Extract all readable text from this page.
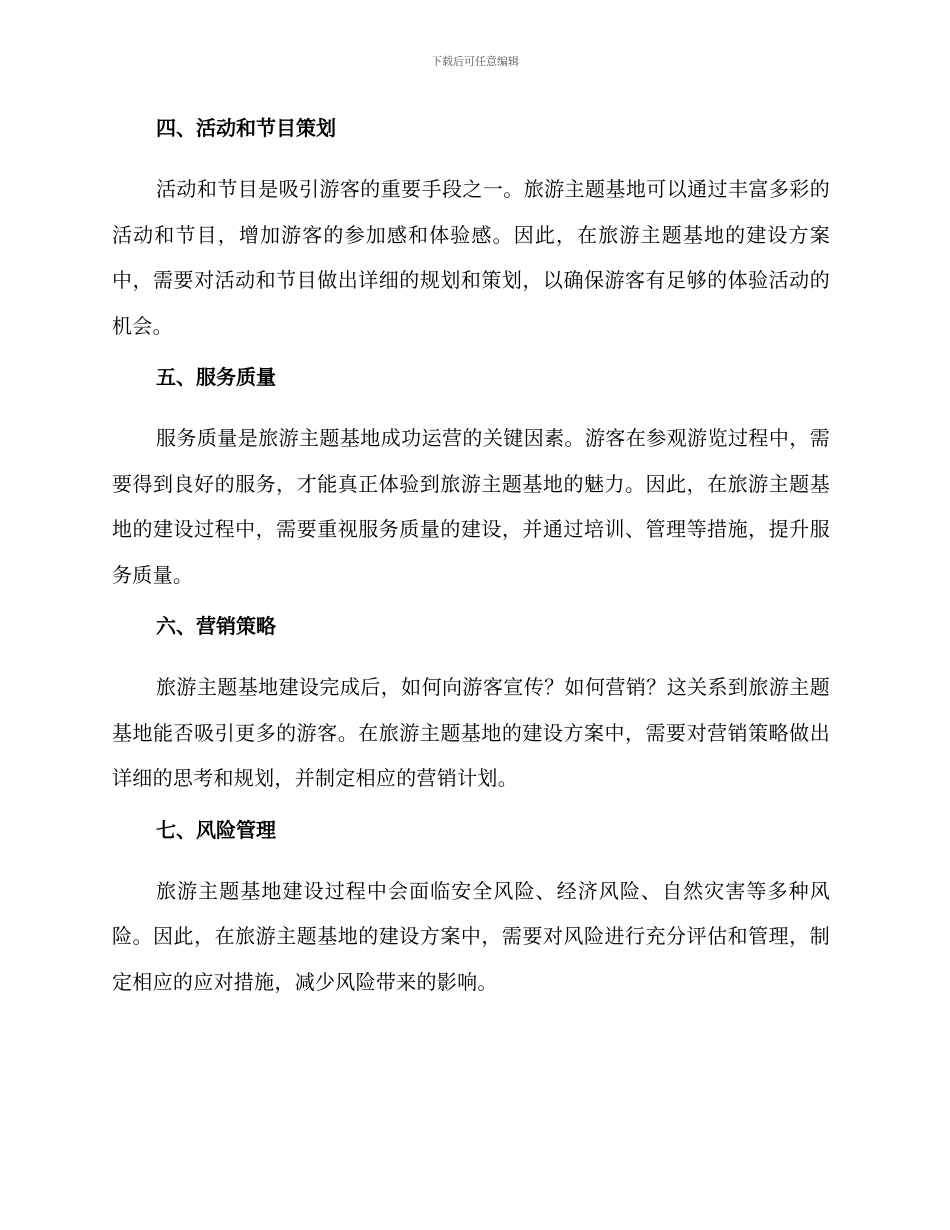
下载后可任意编辑
四、活动和节目策划

活动和节目是吸引游客的重要手段之一。旅游主题基地可以通过丰富多彩的活动和节目，增加游客的参加感和体验感。因此，在旅游主题基地的建设方案中，需要对活动和节目做出详细的规划和策划，以确保游客有足够的体验活动的机会。

五、服务质量

服务质量是旅游主题基地成功运营的关键因素。游客在参观游览过程中，需要得到良好的服务，才能真正体验到旅游主题基地的魅力。因此，在旅游主题基地的建设过程中，需要重视服务质量的建设，并通过培训、管理等措施，提升服务质量。

六、营销策略

旅游主题基地建设完成后，如何向游客宣传？如何营销？这关系到旅游主题基地能否吸引更多的游客。在旅游主题基地的建设方案中，需要对营销策略做出详细的思考和规划，并制定相应的营销计划。

七、风险管理

旅游主题基地建设过程中会面临安全风险、经济风险、自然灾害等多种风险。因此，在旅游主题基地的建设方案中，需要对风险进行充分评估和管理，制定相应的应对措施，减少风险带来的影响。
